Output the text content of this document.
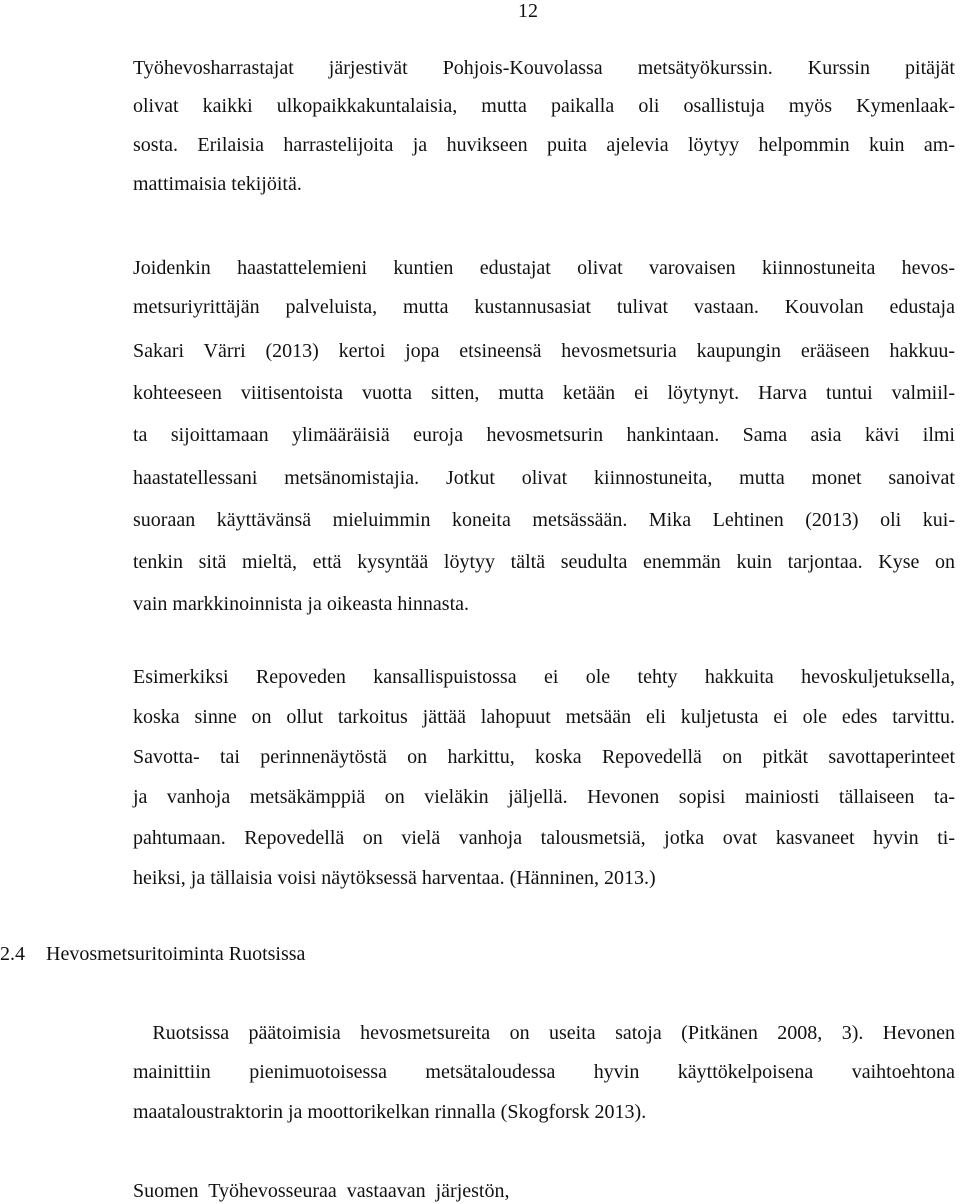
12

Työhevosharrastajat järjestivät Pohjois-Kouvolassa metsätyökurssin. Kurssin pitäjät

olivat kaikki ulkopaikkakuntalaisia, mutta paikalla oli osallistuja myös Kymenlaak-

sosta. Erilaisia harrastelijoita ja huvikseen puita ajelevia löytyy helpommin kuin am-

mattimaisia tekijöitä.

Joidenkin haastattelemieni kuntien edustajat olivat varovaisen kiinnostuneita hevos-

metsuriyrittäjän palveluista, mutta kustannusasiat tulivat vastaan. Kouvolan edustaja

Sakari Värri (2013) kertoi jopa etsineensä hevosmetsuria kaupungin erääseen hakkuu-

kohteeseen viitisentoista vuotta sitten, mutta ketään ei löytynyt. Harva tuntui valmiil-

ta sijoittamaan ylimääräisiä euroja hevosmetsurin hankintaan. Sama asia kävi ilmi

haastatellessani metsänomistajia. Jotkut olivat kiinnostuneita, mutta monet sanoivat

suoraan käyttävänsä mieluimmin koneita metsässään. Mika Lehtinen (2013) oli kui-

tenkin sitä mieltä, että kysyntää löytyy tältä seudulta enemmän kuin tarjontaa. Kyse on

vain markkinoinnista ja oikeasta hinnasta.

Esimerkiksi Repoveden kansallispuistossa ei ole tehty hakkuita hevoskuljetuksella,

koska sinne on ollut tarkoitus jättää lahopuut metsään eli kuljetusta ei ole edes tarvittu.

Savotta- tai perinnenäytöstä on harkittu, koska Repovedellä on pitkät savottaperinteet

ja vanhoja metsäkämppiä on vieläkin jäljellä. Hevonen sopisi mainiosti tällaiseen ta-

pahtumaan. Repovedellä on vielä vanhoja talousmetsiä, jotka ovat kasvaneet hyvin ti-

heiksi, ja tällaisia voisi näytöksessä harventaa. (Hänninen, 2013.)

2.4 Hevosmetsuritoiminta Ruotsissa

Ruotsissa päätoimisia hevosmetsureita on useita satoja (Pitkänen 2008, 3). Hevonen

mainittiin pienimuotoisessa metsätaloudessa hyvin käyttökelpoisena vaihtoehtona

maataloustraktorin ja moottorikelkan rinnalla (Skogforsk 2013).

Suomen  Työhevosseuraa  vastaavan  järjestön,
